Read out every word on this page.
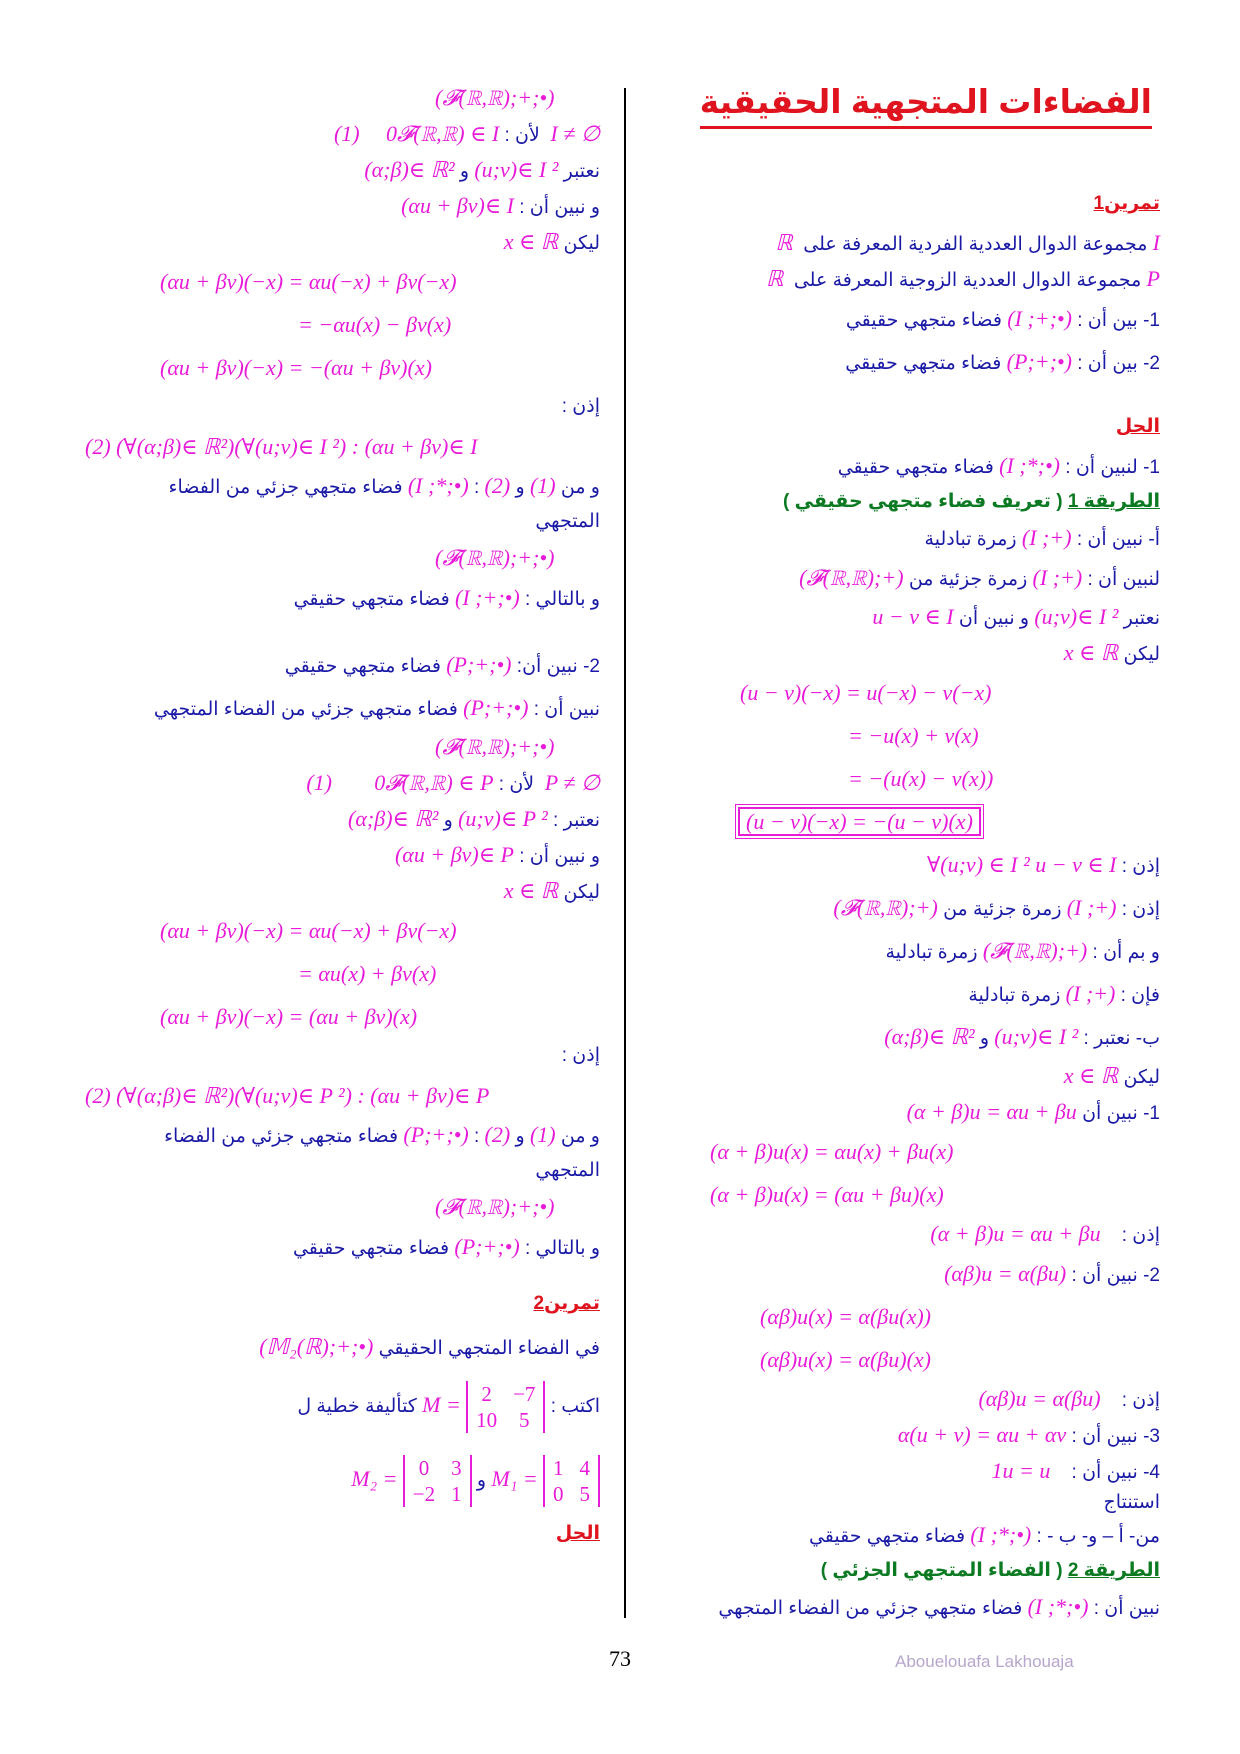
الفضاءات المتجهية الحقيقية
تمرين1
I مجموعة الدوال العددية الفردية المعرفة على  ℝ
P مجموعة الدوال العددية الزوجية المعرفة على  ℝ
1- بين أن : (I ;+;•) فضاء متجهي حقيقي
2- بين أن : (P;+;•) فضاء متجهي حقيقي
الحل
1- لنبين أن : (I ;*;•) فضاء متجهي حقيقي
الطريقة 1 ( تعريف فضاء متجهي حقيقي )
أ- نبين أن : (I ;+) زمرة تبادلية
لنبين أن : (I ;+) زمرة جزئية من (𝓕(ℝ,ℝ);+)
نعتبر (u;v)∈ I ² و نبين أن u − v ∈ I
ليكن x ∈ ℝ
(u − v)(−x) = u(−x) − v(−x)
= −u(x) + v(x)
= −(u(x) − v(x))
(u − v)(−x) = −(u − v)(x)
إذن : ∀(u;v) ∈ I ² u − v ∈ I
إذن : (I ;+) زمرة جزئية من (𝓕(ℝ,ℝ);+)
و بم أن : (𝓕(ℝ,ℝ);+) زمرة تبادلية
فإن : (I ;+) زمرة تبادلية
ب- نعتبر : (u;v)∈ I ² و (α;β)∈ ℝ²
ليكن x ∈ ℝ
1- نبين أن (α + β)u = αu + βu
(α + β)u(x) = αu(x) + βu(x)
(α + β)u(x) = (αu + βu)(x)
إذن :    (α + β)u = αu + βu
2- نبين أن : (αβ)u = α(βu)
(αβ)u(x) = α(βu(x))
(αβ)u(x) = α(βu)(x)
إذن :    (αβ)u = α(βu)
3- نبين أن : α(u + v) = αu + αv
4- نبين أن :    1u = u
استنتاج
من- أ – و- ب - : (I ;*;•) فضاء متجهي حقيقي
الطريقة 2 ( الفضاء المتجهي الجزئي )
نبين أن : (I ;*;•) فضاء متجهي جزئي من الفضاء المتجهي
(𝓕(ℝ,ℝ);+;•)
I ≠ ∅  لأن : 0𝓕(ℝ,ℝ) ∈ I     (1)
نعتبر (u;v)∈ I ² و (α;β)∈ ℝ²
و نبين أن : (αu + βv)∈ I
ليكن x ∈ ℝ
(αu + βv)(−x) = αu(−x) + βv(−x)
= −αu(x) − βv(x)
(αu + βv)(−x) = −(αu + βv)(x)
إذن :
(2) (∀(α;β)∈ ℝ²)(∀(u;v)∈ I ²) : (αu + βv)∈ I
و من (1) و (2) : (I ;*;•) فضاء متجهي جزئي من الفضاء
المتجهي
(𝓕(ℝ,ℝ);+;•)
و بالتالي : (I ;+;•) فضاء متجهي حقيقي
2- نبين أن: (P;+;•) فضاء متجهي حقيقي
نبين أن : (P;+;•) فضاء متجهي جزئي من الفضاء المتجهي
(𝓕(ℝ,ℝ);+;•)
P ≠ ∅  لأن : 0𝓕(ℝ,ℝ) ∈ P        (1)
نعتبر : (u;v)∈ P ² و (α;β)∈ ℝ²
و نبين أن : (αu + βv)∈ P
ليكن x ∈ ℝ
(αu + βv)(−x) = αu(−x) + βv(−x)
= αu(x) + βv(x)
(αu + βv)(−x) = (αu + βv)(x)
إذن :
(2) (∀(α;β)∈ ℝ²)(∀(u;v)∈ P ²) : (αu + βv)∈ P
و من (1) و (2) : (P;+;•) فضاء متجهي جزئي من الفضاء
المتجهي
(𝓕(ℝ,ℝ);+;•)
و بالتالي : (P;+;•) فضاء متجهي حقيقي
تمرين2
في الفضاء المتجهي الحقيقي (𝕄₂(ℝ);+;•)
اكتب :
2	−7
10	5
M = كتأليفة خطية ل
1	4
0	5
M₁ = و
0	3
−2	1
M₂ =
الحل
73	Abouelouafa Lakhouaja
